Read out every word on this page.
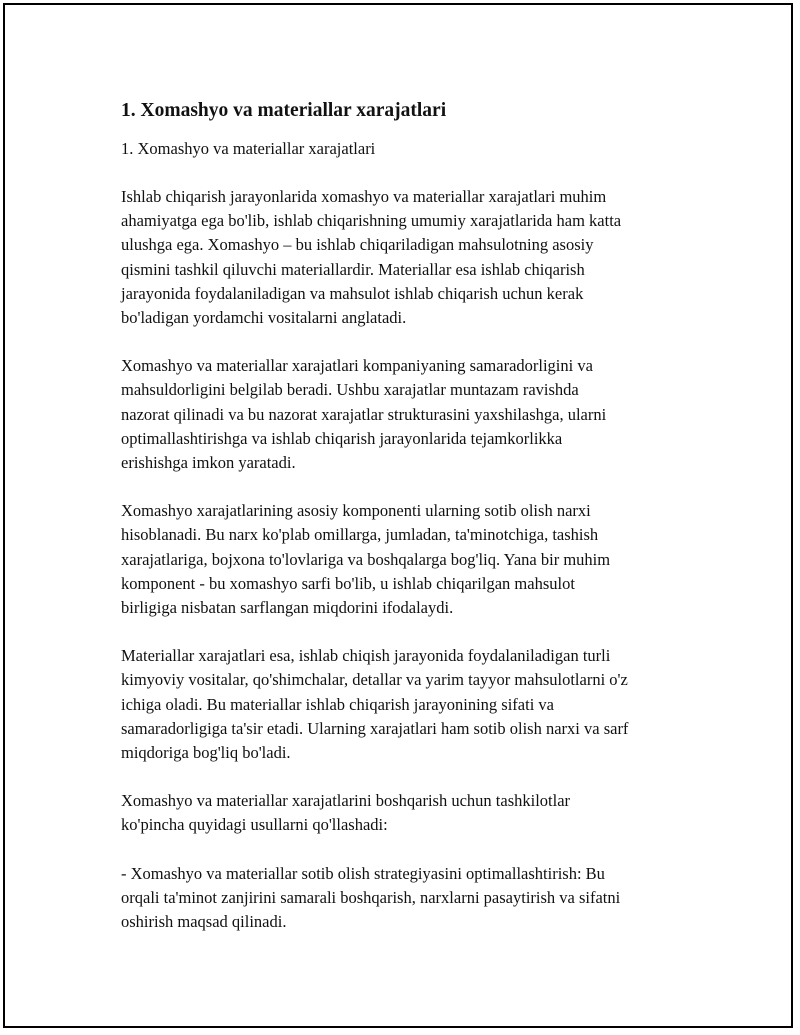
1. Xomashyo va materiallar xarajatlari

1. Xomashyo va materiallar xarajatlari

Ishlab chiqarish jarayonlarida xomashyo va materiallar xarajatlari muhim
ahamiyatga ega bo'lib, ishlab chiqarishning umumiy xarajatlarida ham katta
ulushga ega. Xomashyo – bu ishlab chiqariladigan mahsulotning asosiy
qismini tashkil qiluvchi materiallardir. Materiallar esa ishlab chiqarish
jarayonida foydalaniladigan va mahsulot ishlab chiqarish uchun kerak
bo'ladigan yordamchi vositalarni anglatadi.

Xomashyo va materiallar xarajatlari kompaniyaning samaradorligini va
mahsuldorligini belgilab beradi. Ushbu xarajatlar muntazam ravishda
nazorat qilinadi va bu nazorat xarajatlar strukturasini yaxshilashga, ularni
optimallashtirishga va ishlab chiqarish jarayonlarida tejamkorlikka
erishishga imkon yaratadi.

Xomashyo xarajatlarining asosiy komponenti ularning sotib olish narxi
hisoblanadi. Bu narx ko'plab omillarga, jumladan, ta'minotchiga, tashish
xarajatlariga, bojxona to'lovlariga va boshqalarga bog'liq. Yana bir muhim
komponent - bu xomashyo sarfi bo'lib, u ishlab chiqarilgan mahsulot
birligiga nisbatan sarflangan miqdorini ifodalaydi.

Materiallar xarajatlari esa, ishlab chiqish jarayonida foydalaniladigan turli
kimyoviy vositalar, qo'shimchalar, detallar va yarim tayyor mahsulotlarni o'z
ichiga oladi. Bu materiallar ishlab chiqarish jarayonining sifati va
samaradorligiga ta'sir etadi. Ularning xarajatlari ham sotib olish narxi va sarf
miqdoriga bog'liq bo'ladi.

Xomashyo va materiallar xarajatlarini boshqarish uchun tashkilotlar
ko'pincha quyidagi usullarni qo'llashadi:

- Xomashyo va materiallar sotib olish strategiyasini optimallashtirish: Bu
orqali ta'minot zanjirini samarali boshqarish, narxlarni pasaytirish va sifatni
oshirish maqsad qilinadi.
